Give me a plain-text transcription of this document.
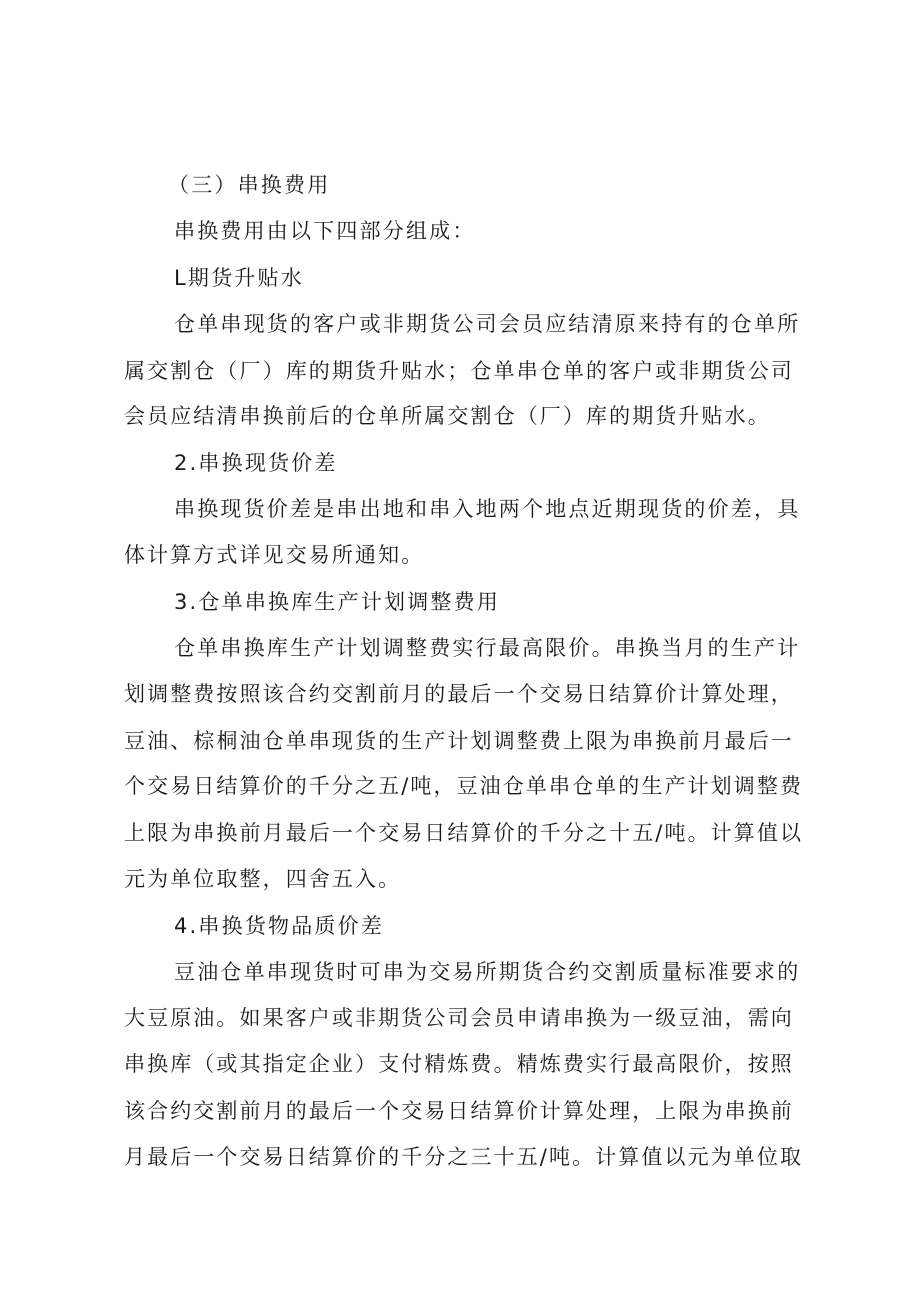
（三）串换费用

串换费用由以下四部分组成：

L期货升贴水

仓单串现货的客户或非期货公司会员应结清原来持有的仓单所

属交割仓（厂）库的期货升贴水；仓单串仓单的客户或非期货公司

会员应结清串换前后的仓单所属交割仓（厂）库的期货升贴水。

2.串换现货价差

串换现货价差是串出地和串入地两个地点近期现货的价差，具

体计算方式详见交易所通知。

3.仓单串换库生产计划调整费用

仓单串换库生产计划调整费实行最高限价。串换当月的生产计

划调整费按照该合约交割前月的最后一个交易日结算价计算处理，

豆油、棕桐油仓单串现货的生产计划调整费上限为串换前月最后一

个交易日结算价的千分之五/吨，豆油仓单串仓单的生产计划调整费

上限为串换前月最后一个交易日结算价的千分之十五/吨。计算值以

元为单位取整，四舍五入。

4.串换货物品质价差

豆油仓单串现货时可串为交易所期货合约交割质量标准要求的

大豆原油。如果客户或非期货公司会员申请串换为一级豆油，需向

串换库（或其指定企业）支付精炼费。精炼费实行最高限价，按照

该合约交割前月的最后一个交易日结算价计算处理，上限为串换前

月最后一个交易日结算价的千分之三十五/吨。计算值以元为单位取
